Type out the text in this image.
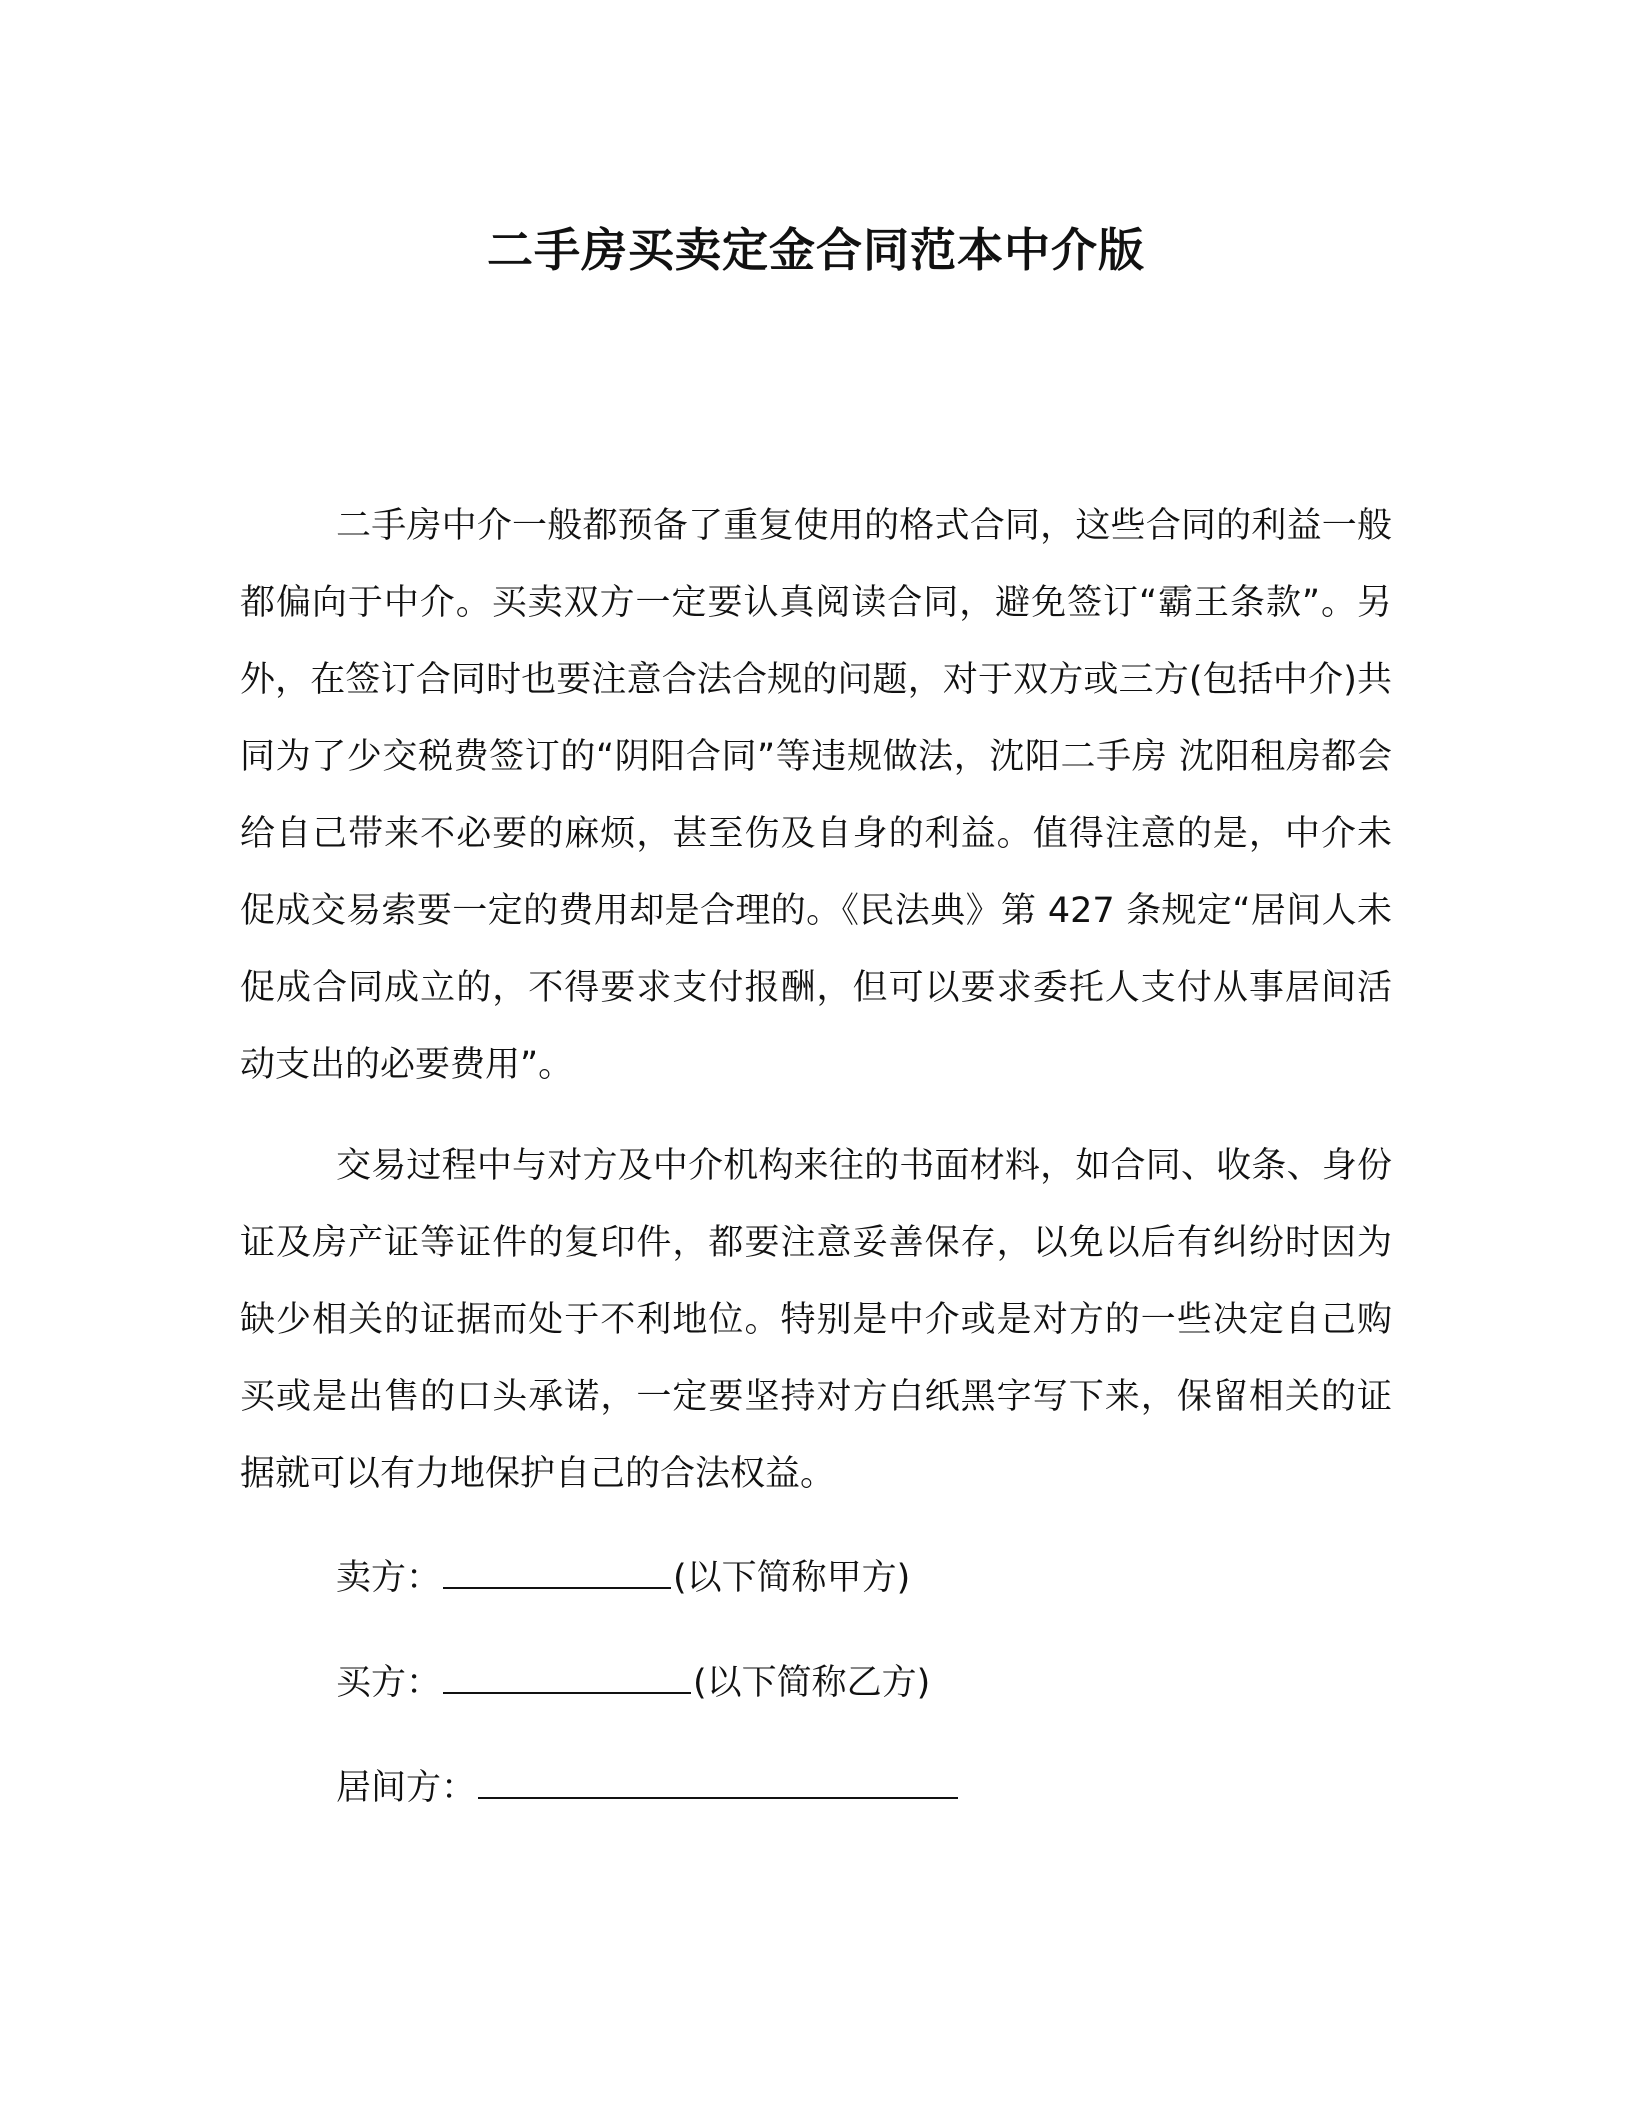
二手房买卖定金合同范本中介版

二手房中介一般都预备了重复使用的格式合同，这些合同的利益一般都偏向于中介。买卖双方一定要认真阅读合同，避免签订“霸王条款”。另外，在签订合同时也要注意合法合规的问题，对于双方或三方(包括中介)共同为了少交税费签订的“阴阳合同”等违规做法，沈阳二手房 沈阳租房都会给自己带来不必要的麻烦，甚至伤及自身的利益。值得注意的是，中介未促成交易索要一定的费用却是合理的。《民法典》第 427 条规定“居间人未促成合同成立的，不得要求支付报酬，但可以要求委托人支付从事居间活动支出的必要费用”。

交易过程中与对方及中介机构来往的书面材料，如合同、收条、身份证及房产证等证件的复印件，都要注意妥善保存，以免以后有纠纷时因为缺少相关的证据而处于不利地位。特别是中介或是对方的一些决定自己购买或是出售的口头承诺，一定要坚持对方白纸黑字写下来，保留相关的证据就可以有力地保护自己的合法权益。

卖方：	(以下简称甲方)

买方：	(以下简称乙方)

居间方：
